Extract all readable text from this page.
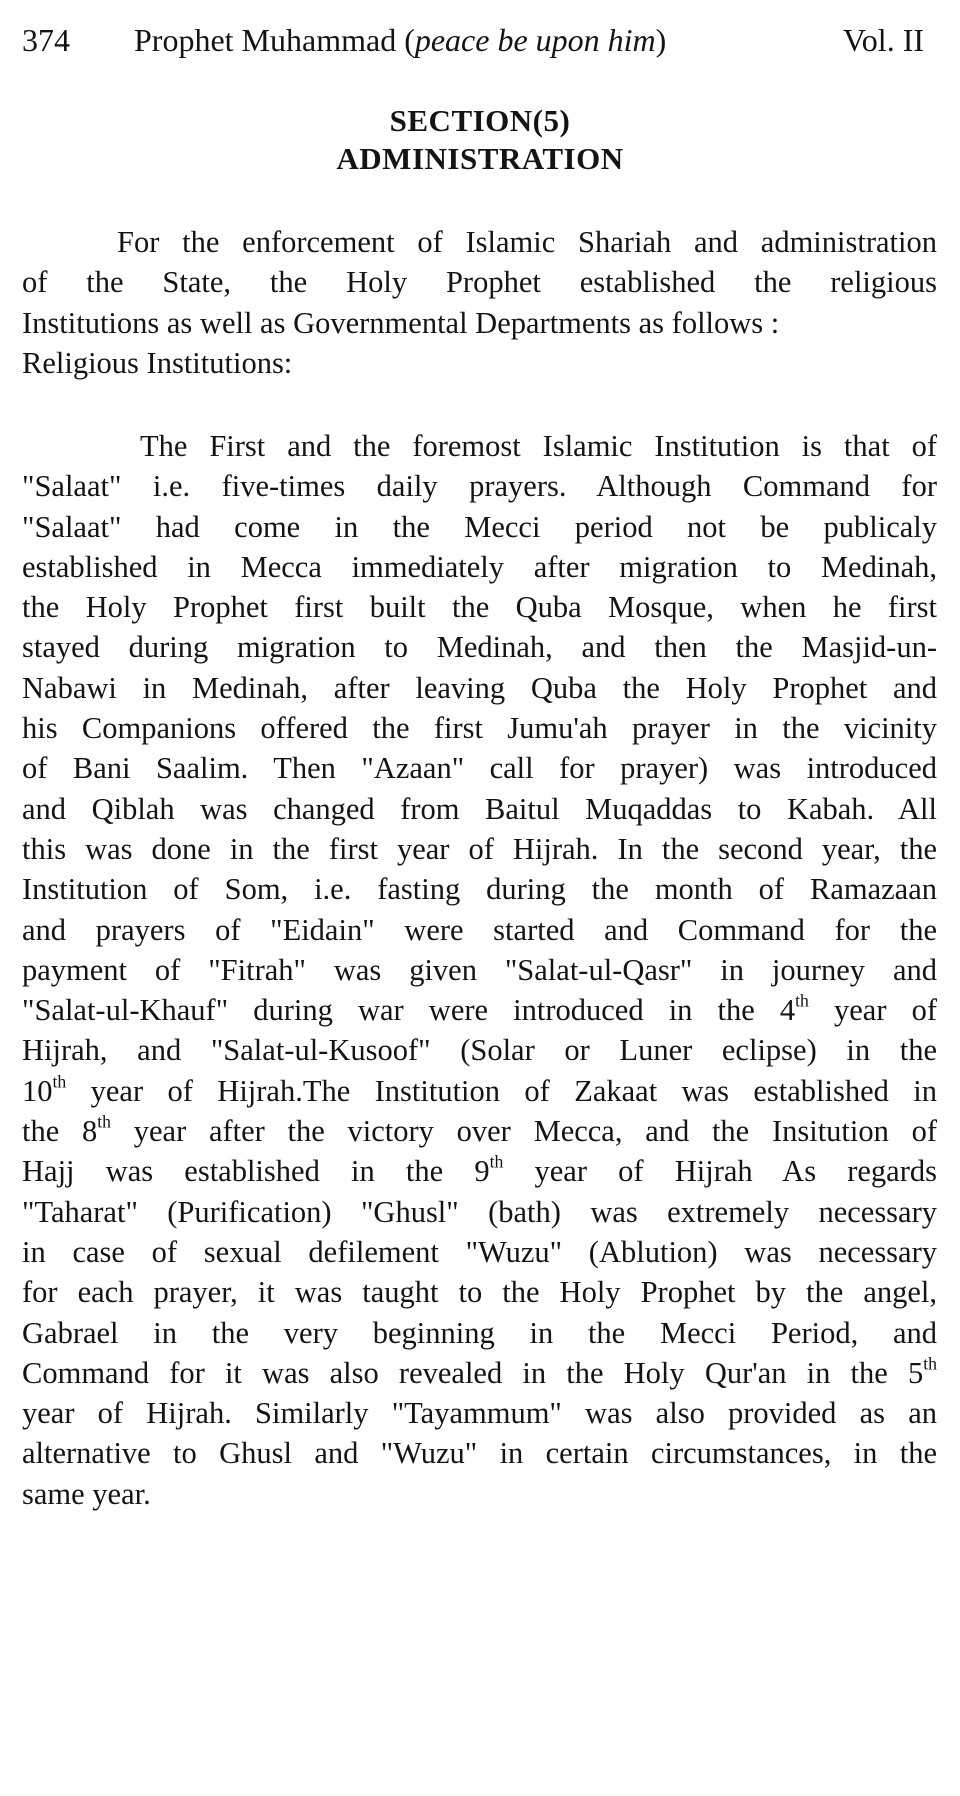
374 Prophet Muhammad (peace be upon him)	Vol. II
SECTION(5)
ADMINISTRATION

For the enforcement of Islamic Shariah and administration

of the State, the Holy Prophet established the religious

Institutions as well as Governmental Departments as follows :

Religious Institutions:

The First and the foremost Islamic Institution is that of

"Salaat" i.e. five-times daily prayers. Although Command for

"Salaat" had come in the Mecci period not be publicaly

established in Mecca immediately after migration to Medinah,

the Holy Prophet first built the Quba Mosque, when he first

stayed during migration to Medinah, and then the Masjid-un-

Nabawi in Medinah, after leaving Quba the Holy Prophet and

his Companions offered the first Jumu'ah prayer in the vicinity

of Bani Saalim. Then "Azaan" call for prayer) was introduced

and Qiblah was changed from Baitul Muqaddas to Kabah. All

this was done in the first year of Hijrah. In the second year, the

Institution of Som, i.e. fasting during the month of Ramazaan

and prayers of "Eidain" were started and Command for the

payment of "Fitrah" was given "Salat-ul-Qasr" in journey and

"Salat-ul-Khauf" during war were introduced in the 4th year of

Hijrah, and "Salat-ul-Kusoof" (Solar or Luner eclipse) in the

10th year of Hijrah.The Institution of Zakaat was established in

the 8th year after the victory over Mecca, and the Insitution of

Hajj was established in the 9th year of Hijrah As regards

"Taharat" (Purification) "Ghusl" (bath) was extremely necessary

in case of sexual defilement "Wuzu" (Ablution) was necessary

for each prayer, it was taught to the Holy Prophet by the angel,

Gabrael in the very beginning in the Mecci Period, and

Command for it was also revealed in the Holy Qur'an in the 5th

year of Hijrah. Similarly "Tayammum" was also provided as an

alternative to Ghusl and "Wuzu" in certain circumstances, in the

same year.
